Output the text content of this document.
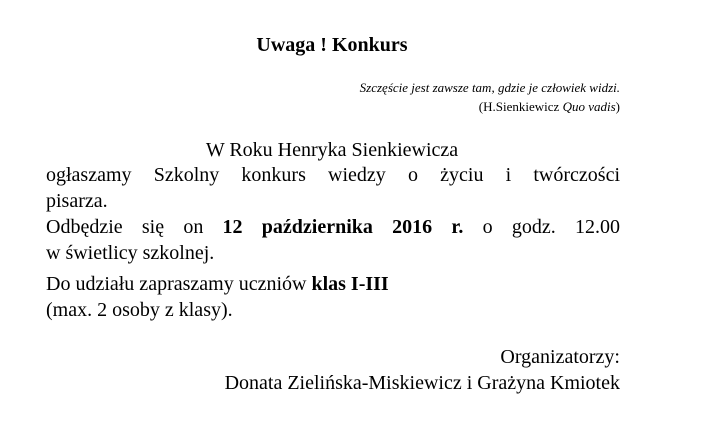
Uwaga ! Konkurs
Szczęście jest zawsze tam, gdzie je człowiek widzi.
(H.Sienkiewicz Quo vadis)
W Roku Henryka Sienkiewicza
ogłaszamy Szkolny konkurs wiedzy o życiu i twórczości
pisarza.
Odbędzie się on 12 października 2016 r. o godz. 12.00
w świetlicy szkolnej.
Do udziału zapraszamy uczniów klas I-III
(max. 2 osoby z klasy).
Organizatorzy:
Donata Zielińska-Miskiewicz i Grażyna Kmiotek
